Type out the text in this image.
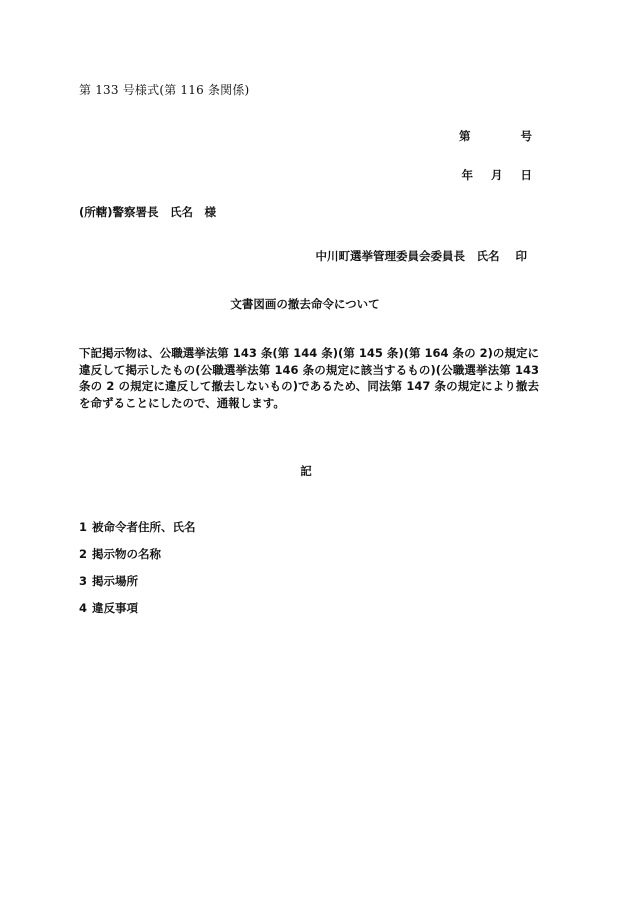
第 133 号様式(第 116 条関係)
第	号
年 月 日
(所轄)警察署長　氏名　様
中川町選挙管理委員会委員長　氏名 印
文書図画の撤去命令について
下記掲示物は、公職選挙法第 143 条(第 144 条)(第 145 条)(第 164 条の 2)の規定に違反して掲示したもの(公職選挙法第 146 条の規定に該当するもの)(公職選挙法第 143 条の 2 の規定に違反して撤去しないもの)であるため、同法第 147 条の規定により撤去を命ずることにしたので、通報します。
記
1 被命令者住所、氏名
2 掲示物の名称
3 掲示場所
4 違反事項
